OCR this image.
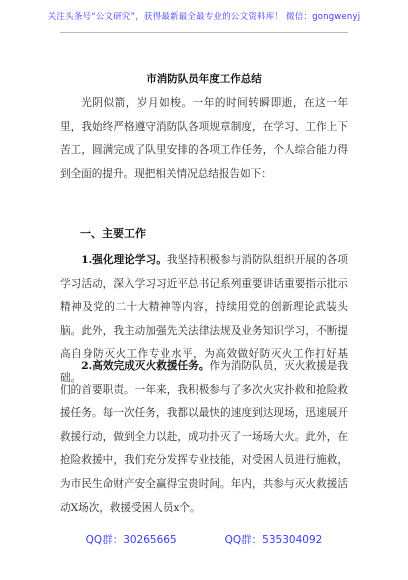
关注头条号“公文研究”，获得最新最全最专业的公文资料库！ 微信：gongwenyj
市消防队员年度工作总结
光阴似箭，岁月如梭。一年的时间转瞬即逝，在这一年里，我始终严格遵守消防队各项规章制度，在学习、工作上下苦工，圆满完成了队里安排的各项工作任务，个人综合能力得到全面的提升。现把相关情况总结报告如下：
一、主要工作
1.强化理论学习。我坚持积极参与消防队组织开展的各项学习活动，深入学习习近平总书记系列重要讲话重要指示批示精神及党的二十大精神等内容，持续用党的创新理论武装头脑。此外，我主动加强先关法律法规及业务知识学习，不断提高自身防灭火工作专业水平，为高效做好防灭火工作打好基础。
2.高效完成灭火救援任务。作为消防队员，灭火救援是我们的首要职责。一年来，我积极参与了多次火灾扑救和抢险救援任务。每一次任务，我都以最快的速度到达现场，迅速展开救援行动，做到全力以赴，成功扑灭了一场场大火。此外，在抢险救援中，我们充分发挥专业技能，对受困人员进行施救，为市民生命财产安全赢得宝贵时间。年内，共参与灭火救援活动X场次，救援受困人员x个。
QQ群：30265665	QQ群：535304092
